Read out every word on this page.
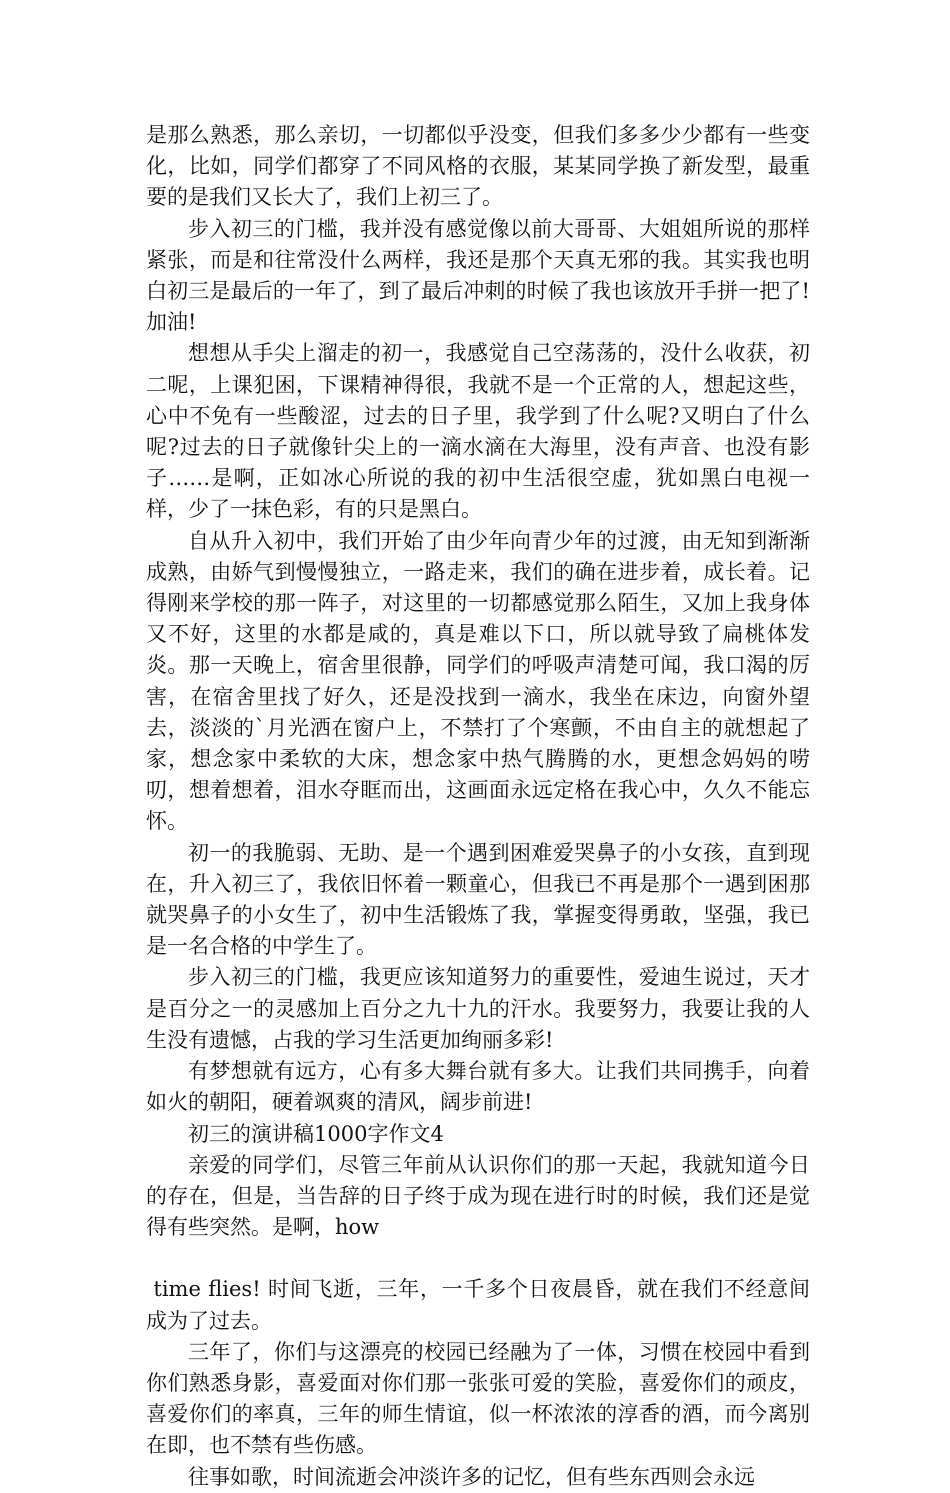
是那么熟悉，那么亲切，一切都似乎没变，但我们多多少少都有一些变化，比如，同学们都穿了不同风格的衣服，某某同学换了新发型，最重要的是我们又长大了，我们上初三了。

步入初三的门槛，我并没有感觉像以前大哥哥、大姐姐所说的那样紧张，而是和往常没什么两样，我还是那个天真无邪的我。其实我也明白初三是最后的一年了，到了最后冲刺的时候了我也该放开手拼一把了!加油!

想想从手尖上溜走的初一，我感觉自己空荡荡的，没什么收获，初二呢，上课犯困，下课精神得很，我就不是一个正常的人，想起这些，心中不免有一些酸涩，过去的日子里，我学到了什么呢?又明白了什么呢?过去的日子就像针尖上的一滴水滴在大海里，没有声音、也没有影子……是啊，正如冰心所说的我的初中生活很空虚，犹如黑白电视一样，少了一抹色彩，有的只是黑白。

自从升入初中，我们开始了由少年向青少年的过渡，由无知到渐渐成熟，由娇气到慢慢独立，一路走来，我们的确在进步着，成长着。记得刚来学校的那一阵子，对这里的一切都感觉那么陌生，又加上我身体又不好，这里的水都是咸的，真是难以下口，所以就导致了扁桃体发炎。那一天晚上，宿舍里很静，同学们的呼吸声清楚可闻，我口渴的厉害，在宿舍里找了好久，还是没找到一滴水，我坐在床边，向窗外望去，淡淡的`月光洒在窗户上，不禁打了个寒颤，不由自主的就想起了家，想念家中柔软的大床，想念家中热气腾腾的水，更想念妈妈的唠叨，想着想着，泪水夺眶而出，这画面永远定格在我心中，久久不能忘怀。

初一的我脆弱、无助、是一个遇到困难爱哭鼻子的小女孩，直到现在，升入初三了，我依旧怀着一颗童心，但我已不再是那个一遇到困那就哭鼻子的小女生了，初中生活锻炼了我，掌握变得勇敢，坚强，我已是一名合格的中学生了。

步入初三的门槛，我更应该知道努力的重要性，爱迪生说过，天才是百分之一的灵感加上百分之九十九的汗水。我要努力，我要让我的人生没有遗憾，占我的学习生活更加绚丽多彩!

有梦想就有远方，心有多大舞台就有多大。让我们共同携手，向着如火的朝阳，硬着飒爽的清风，阔步前进!

初三的演讲稿1000字作文4

亲爱的同学们，尽管三年前从认识你们的那一天起，我就知道今日的存在，但是，当告辞的日子终于成为现在进行时的时候，我们还是觉得有些突然。是啊，how

time flies! 时间飞逝，三年，一千多个日夜晨昏，就在我们不经意间成为了过去。

三年了，你们与这漂亮的校园已经融为了一体，习惯在校园中看到你们熟悉身影，喜爱面对你们那一张张可爱的笑脸，喜爱你们的顽皮，喜爱你们的率真，三年的师生情谊，似一杯浓浓的淳香的酒，而今离别在即，也不禁有些伤感。

往事如歌，时间流逝会冲淡许多的记忆，但有些东西则会永远
